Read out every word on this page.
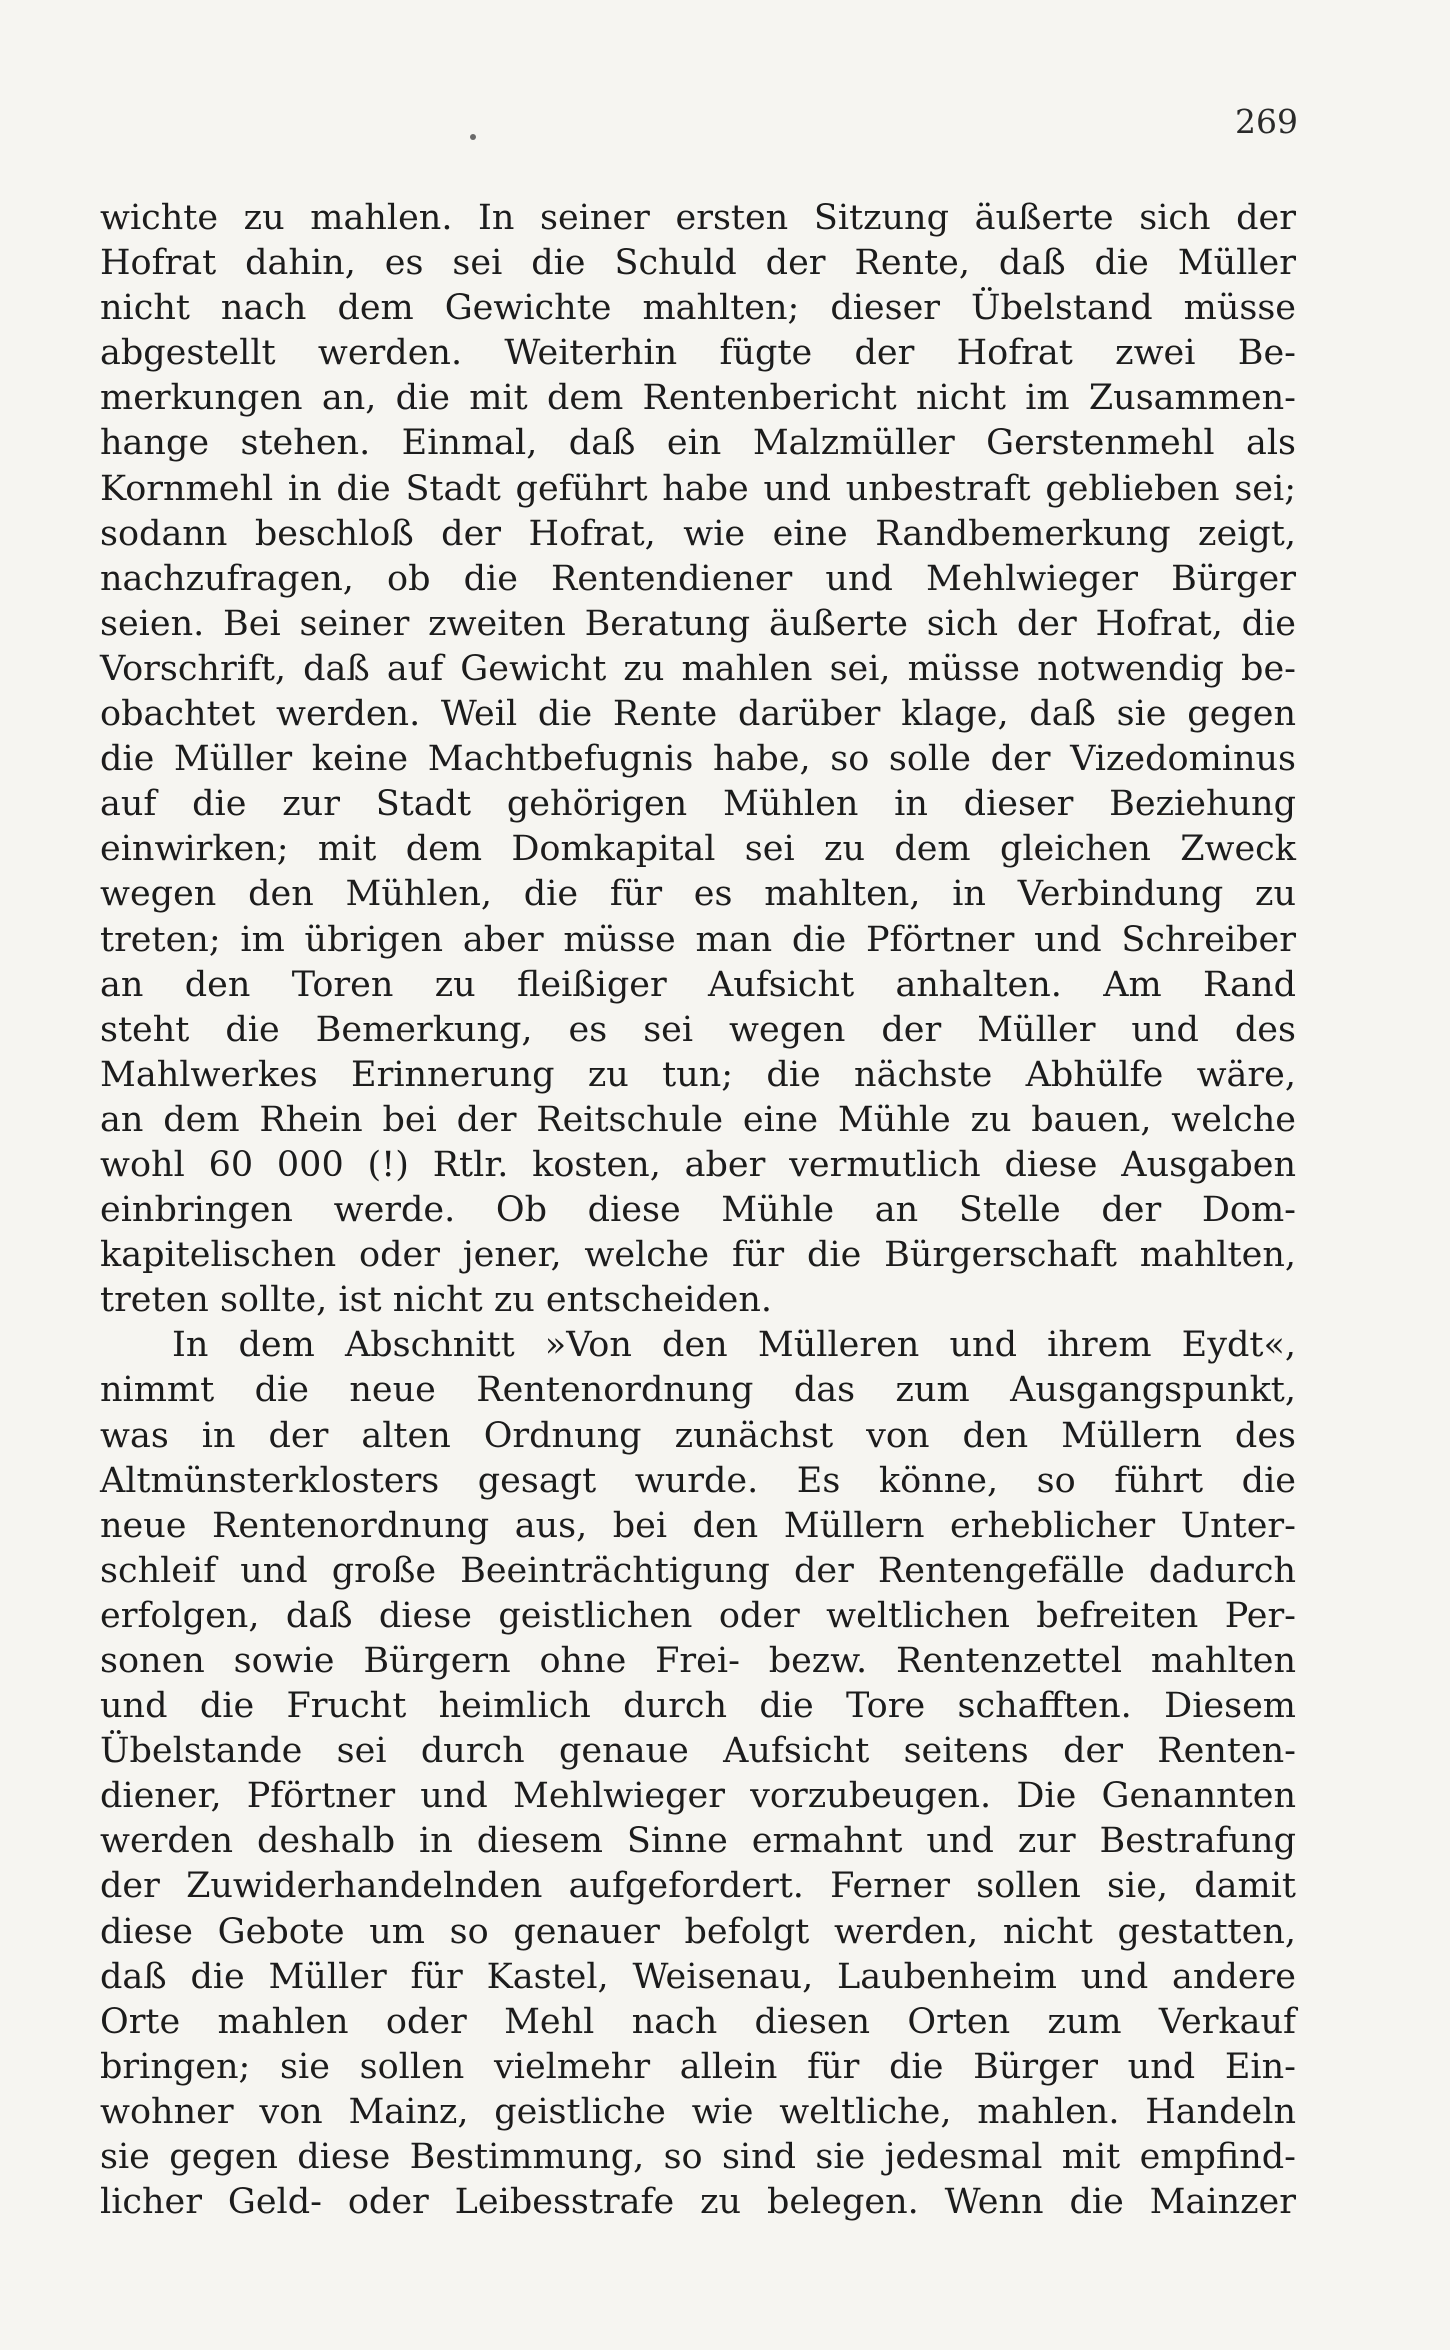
269
wichte zu mahlen. In seiner ersten Sitzung äußerte sich der
Hofrat dahin, es sei die Schuld der Rente, daß die Müller
nicht nach dem Gewichte mahlten; dieser Übelstand müsse
abgestellt werden. Weiterhin fügte der Hofrat zwei Be-
merkungen an, die mit dem Rentenbericht nicht im Zusammen-
hange stehen. Einmal, daß ein Malzmüller Gerstenmehl als
Kornmehl in die Stadt geführt habe und unbestraft geblieben sei;
sodann beschloß der Hofrat, wie eine Randbemerkung zeigt,
nachzufragen, ob die Rentendiener und Mehlwieger Bürger
seien. Bei seiner zweiten Beratung äußerte sich der Hofrat, die
Vorschrift, daß auf Gewicht zu mahlen sei, müsse notwendig be-
obachtet werden. Weil die Rente darüber klage, daß sie gegen
die Müller keine Machtbefugnis habe, so solle der Vizedominus
auf die zur Stadt gehörigen Mühlen in dieser Beziehung
einwirken; mit dem Domkapital sei zu dem gleichen Zweck
wegen den Mühlen, die für es mahlten, in Verbindung zu
treten; im übrigen aber müsse man die Pförtner und Schreiber
an den Toren zu fleißiger Aufsicht anhalten. Am Rand
steht die Bemerkung, es sei wegen der Müller und des
Mahlwerkes Erinnerung zu tun; die nächste Abhülfe wäre,
an dem Rhein bei der Reitschule eine Mühle zu bauen, welche
wohl 60 000 (!) Rtlr. kosten, aber vermutlich diese Ausgaben
einbringen werde. Ob diese Mühle an Stelle der Dom-
kapitelischen oder jener, welche für die Bürgerschaft mahlten,
treten sollte, ist nicht zu entscheiden.
In dem Abschnitt »Von den Mülleren und ihrem Eydt«,
nimmt die neue Rentenordnung das zum Ausgangspunkt,
was in der alten Ordnung zunächst von den Müllern des
Altmünsterklosters gesagt wurde. Es könne, so führt die
neue Rentenordnung aus, bei den Müllern erheblicher Unter-
schleif und große Beeinträchtigung der Rentengefälle dadurch
erfolgen, daß diese geistlichen oder weltlichen befreiten Per-
sonen sowie Bürgern ohne Frei- bezw. Rentenzettel mahlten
und die Frucht heimlich durch die Tore schafften. Diesem
Übelstande sei durch genaue Aufsicht seitens der Renten-
diener, Pförtner und Mehlwieger vorzubeugen. Die Genannten
werden deshalb in diesem Sinne ermahnt und zur Bestrafung
der Zuwiderhandelnden aufgefordert. Ferner sollen sie, damit
diese Gebote um so genauer befolgt werden, nicht gestatten,
daß die Müller für Kastel, Weisenau, Laubenheim und andere
Orte mahlen oder Mehl nach diesen Orten zum Verkauf
bringen; sie sollen vielmehr allein für die Bürger und Ein-
wohner von Mainz, geistliche wie weltliche, mahlen. Handeln
sie gegen diese Bestimmung, so sind sie jedesmal mit empfind-
licher Geld- oder Leibesstrafe zu belegen. Wenn die Mainzer
